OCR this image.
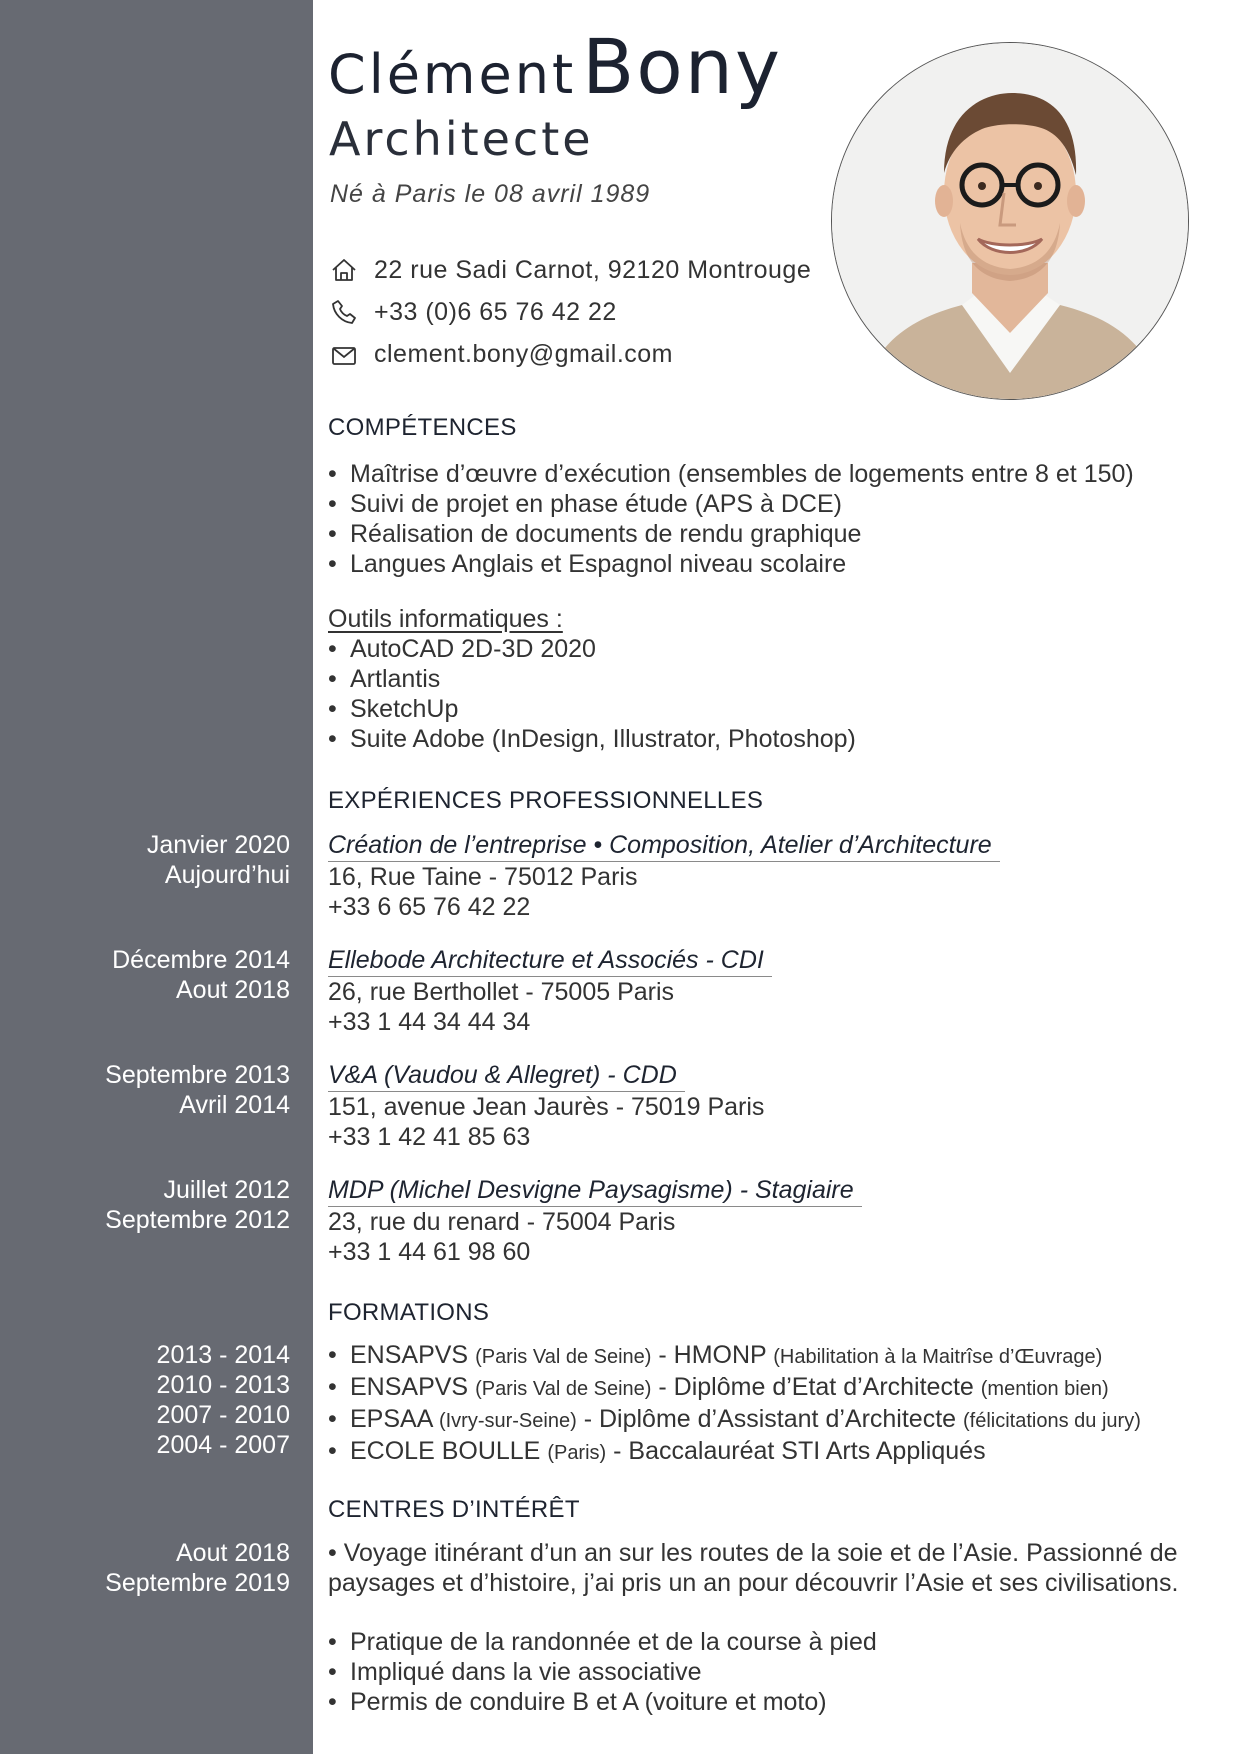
ClémentBony
Architecte
Né à Paris le 08 avril 1989
22 rue Sadi Carnot, 92120 Montrouge
+33 (0)6 65 76 42 22
clement.bony@gmail.com
COMPÉTENCES
• Maîtrise d’œuvre d’exécution (ensembles de logements entre 8 et 150)
• Suivi de projet en phase étude (APS à DCE)
• Réalisation de documents de rendu graphique
• Langues Anglais et Espagnol niveau scolaire
Outils informatiques :
• AutoCAD 2D-3D 2020
• Artlantis
• SketchUp
• Suite Adobe (InDesign, Illustrator, Photoshop)
EXPÉRIENCES PROFESSIONNELLES
Janvier 2020
Aujourd’hui
Création de l’entreprise • Composition, Atelier d’Architecture
16, Rue Taine - 75012 Paris
+33 6 65 76 42 22
Décembre 2014
Aout 2018
Ellebode Architecture et Associés - CDI
26, rue Berthollet - 75005 Paris
+33 1 44 34 44 34
Septembre 2013
Avril 2014
V&A (Vaudou & Allegret) - CDD
151, avenue Jean Jaurès - 75019 Paris
+33 1 42 41 85 63
Juillet 2012
Septembre 2012
MDP (Michel Desvigne Paysagisme) - Stagiaire
23, rue du renard - 75004 Paris
+33 1 44 61 98 60
FORMATIONS
2013 - 2014
2010 - 2013
2007 - 2010
2004 - 2007
• ENSAPVS (Paris Val de Seine) - HMONP (Habilitation à la Maitrîse d’Œuvrage)
• ENSAPVS (Paris Val de Seine) - Diplôme d’Etat d’Architecte (mention bien)
• EPSAA (Ivry-sur-Seine) - Diplôme d’Assistant d’Architecte (félicitations du jury)
• ECOLE BOULLE (Paris) - Baccalauréat STI Arts Appliqués
CENTRES D’INTÉRÊT
Aout 2018
Septembre 2019
• Voyage itinérant d’un an sur les routes de la soie et de l’Asie. Passionné de paysages et d’histoire, j’ai pris un an pour découvrir l’Asie et ses civilisations.
• Pratique de la randonnée et de la course à pied
• Impliqué dans la vie associative
• Permis de conduire B et A (voiture et moto)
